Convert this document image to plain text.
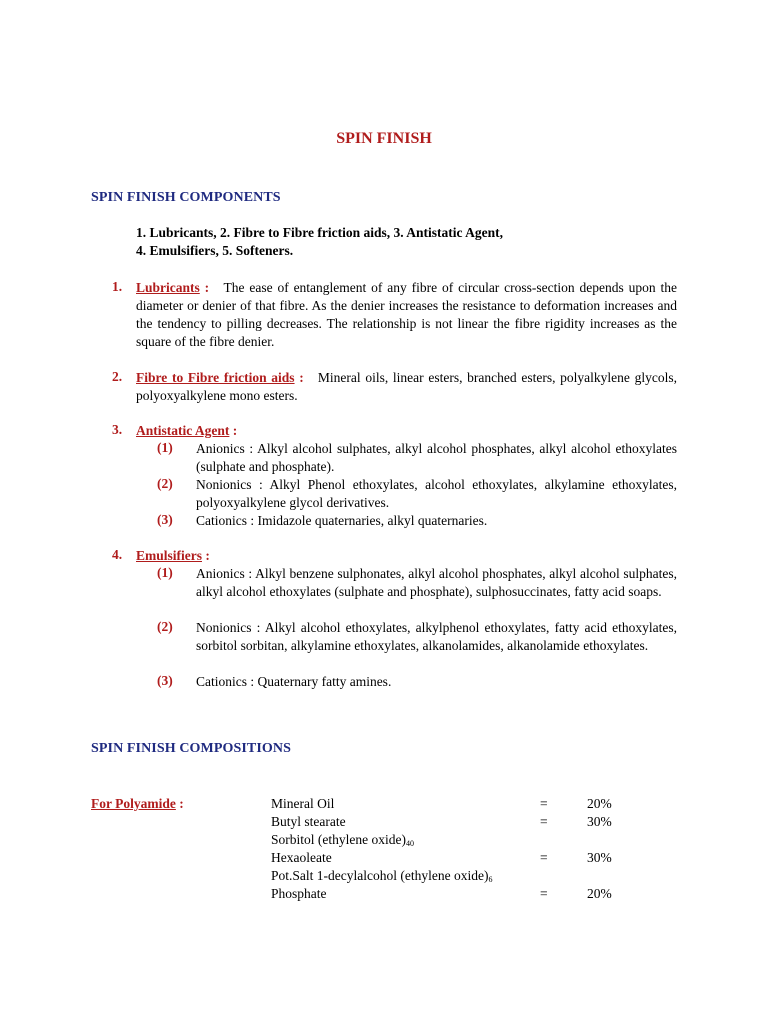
SPIN FINISH
SPIN FINISH COMPONENTS
1. Lubricants, 2. Fibre to Fibre friction aids, 3. Antistatic Agent,
4. Emulsifiers, 5. Softeners.
1. Lubricants : The ease of entanglement of any fibre of circular cross-section depends upon the diameter or denier of that fibre. As the denier increases the resistance to deformation increases and the tendency to pilling decreases. The relationship is not linear the fibre rigidity increases as the square of the fibre denier.
2. Fibre to Fibre friction aids : Mineral oils, linear esters, branched esters, polyalkylene glycols, polyoxyalkylene mono esters.
3. Antistatic Agent :
(1) Anionics : Alkyl alcohol sulphates, alkyl alcohol phosphates, alkyl alcohol ethoxylates (sulphate and phosphate).
(2) Nonionics : Alkyl Phenol ethoxylates, alcohol ethoxylates, alkylamine ethoxylates, polyoxyalkylene glycol derivatives.
(3) Cationics : Imidazole quaternaries, alkyl quaternaries.
4. Emulsifiers :
(1) Anionics : Alkyl benzene sulphonates, alkyl alcohol phosphates, alkyl alcohol sulphates, alkyl alcohol ethoxylates (sulphate and phosphate), sulphosuccinates, fatty acid soaps.
(2) Nonionics : Alkyl alcohol ethoxylates, alkylphenol ethoxylates, fatty acid ethoxylates, sorbitol sorbitan, alkylamine ethoxylates, alkanolamides, alkanolamide ethoxylates.
(3) Cationics : Quaternary fatty amines.
SPIN FINISH COMPOSITIONS
For Polyamide :	Mineral Oil	=	20%
Butyl stearate	=	30%
Sorbitol (ethylene $oxide)_{40}$
Hexaoleate	=	30%
Pot.Salt 1-decylalcohol (ethylene $oxide)_6$
Phosphate	=	20%
